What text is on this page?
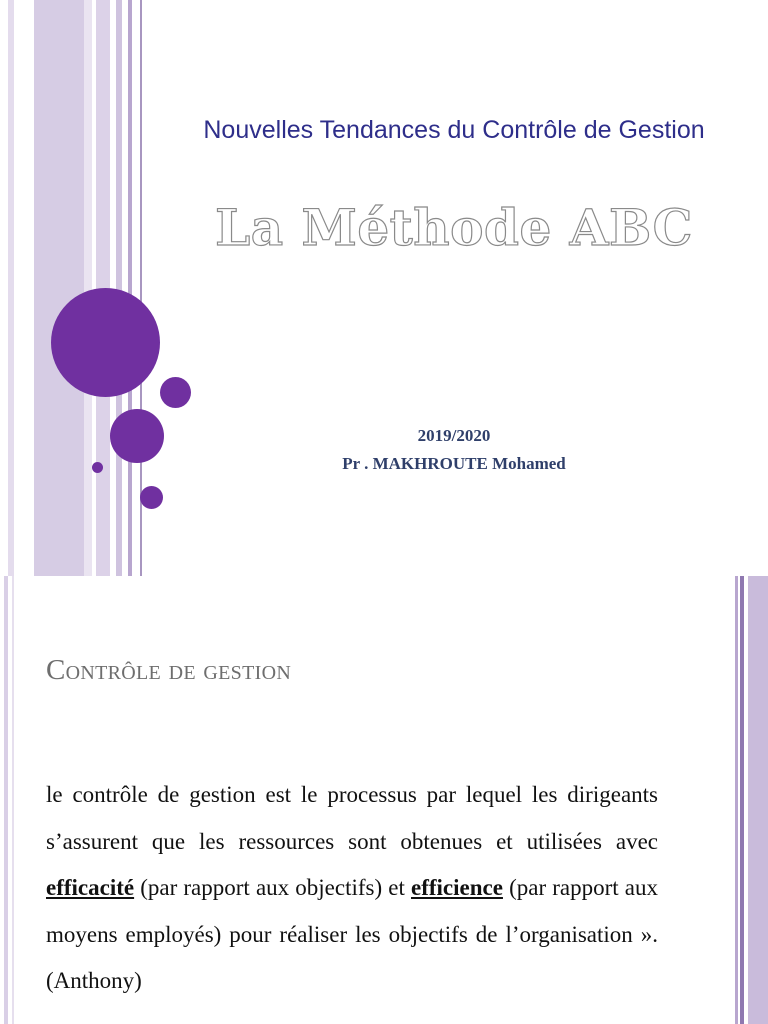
Nouvelles Tendances du Contrôle de Gestion
La Méthode ABC
2019/2020
Pr . MAKHROUTE Mohamed
Contrôle de gestion
le contrôle de gestion est le processus par lequel les dirigeants s’assurent que les ressources sont obtenues et utilisées avec efficacité (par rapport aux objectifs) et efficience (par rapport aux moyens employés) pour réaliser les objectifs de l’organisation ». (Anthony)
